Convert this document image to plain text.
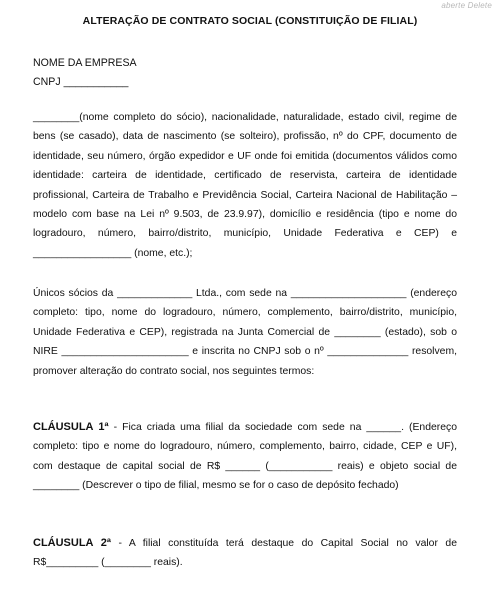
aberte Delete
ALTERAÇÃO DE CONTRATO SOCIAL (CONSTITUIÇÃO DE FILIAL)
NOME DA EMPRESA
CNPJ ___________
________(nome completo do sócio), nacionalidade, naturalidade, estado civil, regime de bens (se casado), data de nascimento (se solteiro), profissão, nº do CPF, documento de identidade, seu número, órgão expedidor e UF onde foi emitida (documentos válidos como identidade: carteira de identidade, certificado de reservista, carteira de identidade profissional, Carteira de Trabalho e Previdência Social, Carteira Nacional de Habilitação – modelo com base na Lei nº 9.503, de 23.9.97), domicílio e residência (tipo e nome do logradouro, número, bairro/distrito, município, Unidade Federativa e CEP) e _________________ (nome, etc.);
Únicos sócios da _____________ Ltda., com sede na ____________________ (endereço completo: tipo, nome do logradouro, número, complemento, bairro/distrito, município, Unidade Federativa e CEP), registrada na Junta Comercial de ________ (estado), sob o NIRE ______________________ e inscrita no CNPJ sob o nº ______________ resolvem, promover alteração do contrato social, nos seguintes termos:
CLÁUSULA 1ª - Fica criada uma filial da sociedade com sede na ______. (Endereço completo: tipo e nome do logradouro, número, complemento, bairro, cidade, CEP e UF), com destaque de capital social de R$ ______ (___________ reais) e objeto social de ________ (Descrever o tipo de filial, mesmo se for o caso de depósito fechado)
CLÁUSULA 2ª - A filial constituída terá destaque do Capital Social no valor de R$_________ (________ reais).
